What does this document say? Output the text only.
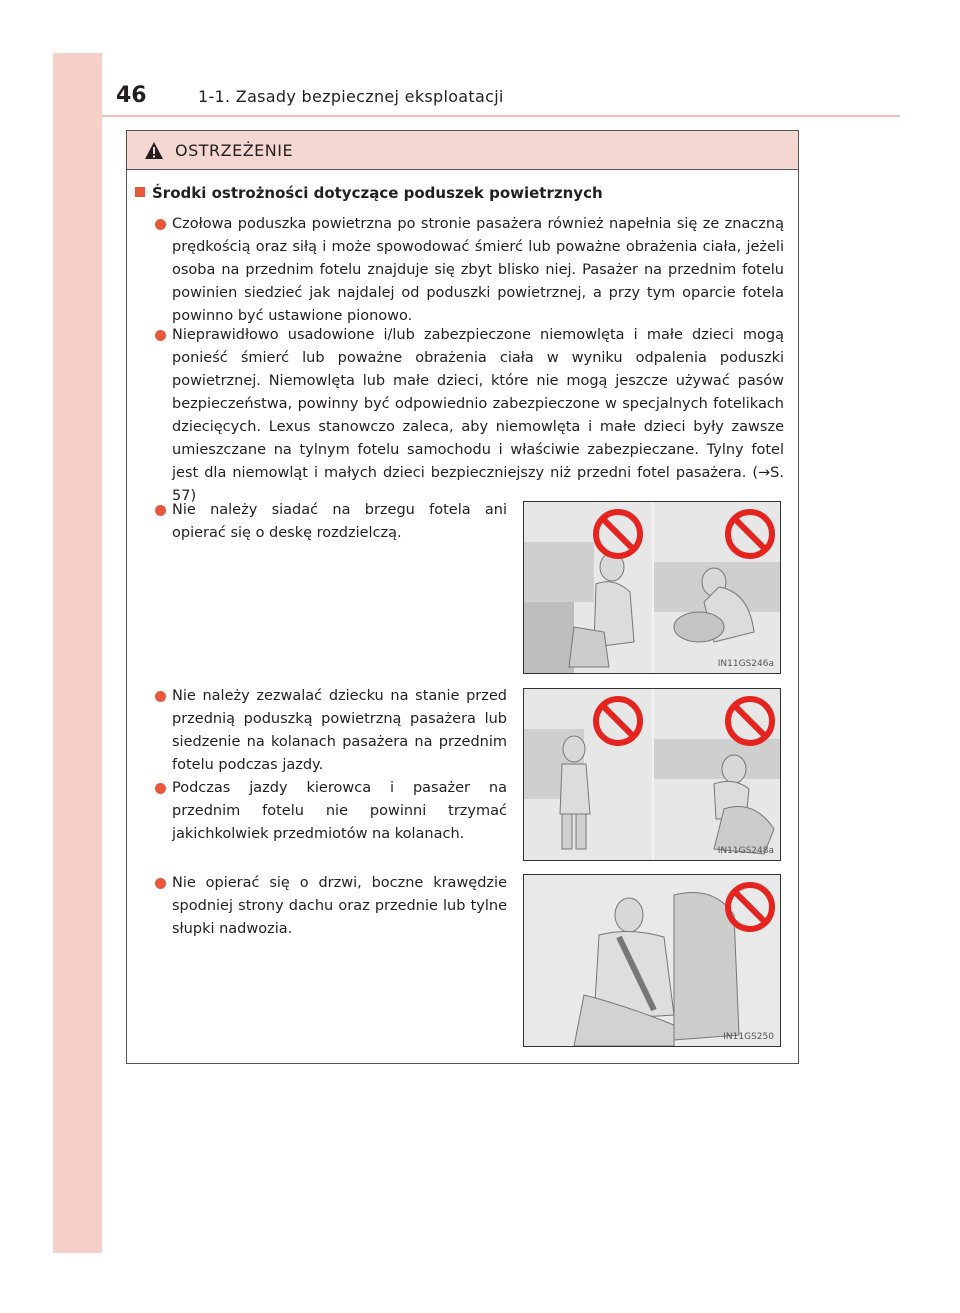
46	1-1. Zasady bezpiecznej eksploatacji
OSTRZEŻENIE
Środki ostrożności dotyczące poduszek powietrznych
Czołowa poduszka powietrzna po stronie pasażera również napełnia się ze znaczną prędkością oraz siłą i może spowodować śmierć lub poważne obrażenia ciała, jeżeli osoba na przednim fotelu znajduje się zbyt blisko niej. Pasażer na przednim fotelu powinien siedzieć jak najdalej od poduszki powietrznej, a przy tym oparcie fotela powinno być ustawione pionowo.
Nieprawidłowo usadowione i/lub zabezpieczone niemowlęta i małe dzieci mogą ponieść śmierć lub poważne obrażenia ciała w wyniku odpalenia poduszki powietrznej. Niemowlęta lub małe dzieci, które nie mogą jeszcze używać pasów bezpieczeństwa, powinny być odpowiednio zabezpieczone w specjalnych fotelikach dziecięcych. Lexus stanowczo zaleca, aby niemowlęta i małe dzieci były zawsze umieszczane na tylnym fotelu samochodu i właściwie zabezpieczane. Tylny fotel jest dla niemowląt i małych dzieci bezpieczniejszy niż przedni fotel pasażera. (→S. 57)
Nie należy siadać na brzegu fotela ani opierać się o deskę rozdzielczą.
Nie należy zezwalać dziecku na stanie przed przednią poduszką powietrzną pasażera lub siedzenie na kolanach pasażera na przednim fotelu podczas jazdy.
Podczas jazdy kierowca i pasażer na przednim fotelu nie powinni trzymać jakichkolwiek przedmiotów na kolanach.
Nie opierać się o drzwi, boczne krawędzie spodniej strony dachu oraz przednie lub tylne słupki nadwozia.
IN11GS246a
IN11GS248a
IN11GS250
